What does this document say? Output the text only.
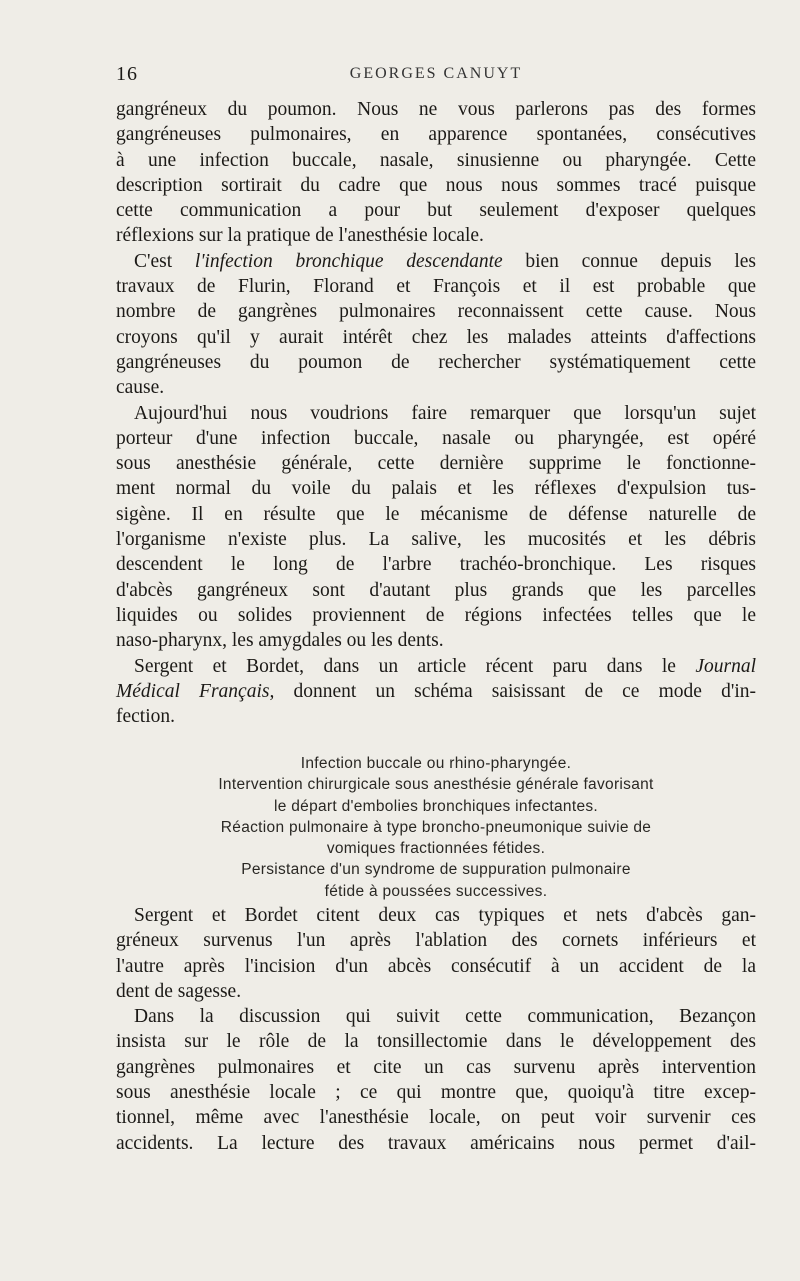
16	GEORGES CANUYT
gangréneux du poumon. Nous ne vous parlerons pas des formes
gangréneuses pulmonaires, en apparence spontanées, consécutives
à une infection buccale, nasale, sinusienne ou pharyngée. Cette
description sortirait du cadre que nous nous sommes tracé puisque
cette communication a pour but seulement d'exposer quelques
réflexions sur la pratique de l'anesthésie locale.
C'est l'infection bronchique descendante bien connue depuis les
travaux de Flurin, Florand et François et il est probable que
nombre de gangrènes pulmonaires reconnaissent cette cause. Nous
croyons qu'il y aurait intérêt chez les malades atteints d'affections
gangréneuses du poumon de rechercher systématiquement cette
cause.
Aujourd'hui nous voudrions faire remarquer que lorsqu'un sujet
porteur d'une infection buccale, nasale ou pharyngée, est opéré
sous anesthésie générale, cette dernière supprime le fonctionne-
ment normal du voile du palais et les réflexes d'expulsion tus-
sigène. Il en résulte que le mécanisme de défense naturelle de
l'organisme n'existe plus. La salive, les mucosités et les débris
descendent le long de l'arbre trachéo-bronchique. Les risques
d'abcès gangréneux sont d'autant plus grands que les parcelles
liquides ou solides proviennent de régions infectées telles que le
naso-pharynx, les amygdales ou les dents.
Sergent et Bordet, dans un article récent paru dans le Journal
Médical Français, donnent un schéma saisissant de ce mode d'in-
fection.
Infection buccale ou rhino-pharyngée.
Intervention chirurgicale sous anesthésie générale favorisant
le départ d'embolies bronchiques infectantes.
Réaction pulmonaire à type broncho-pneumonique suivie de
vomiques fractionnées fétides.
Persistance d'un syndrome de suppuration pulmonaire
fétide à poussées successives.
Sergent et Bordet citent deux cas typiques et nets d'abcès gan-
gréneux survenus l'un après l'ablation des cornets inférieurs et
l'autre après l'incision d'un abcès consécutif à un accident de la
dent de sagesse.
Dans la discussion qui suivit cette communication, Bezançon
insista sur le rôle de la tonsillectomie dans le développement des
gangrènes pulmonaires et cite un cas survenu après intervention
sous anesthésie locale ; ce qui montre que, quoiqu'à titre excep-
tionnel, même avec l'anesthésie locale, on peut voir survenir ces
accidents. La lecture des travaux américains nous permet d'ail-
